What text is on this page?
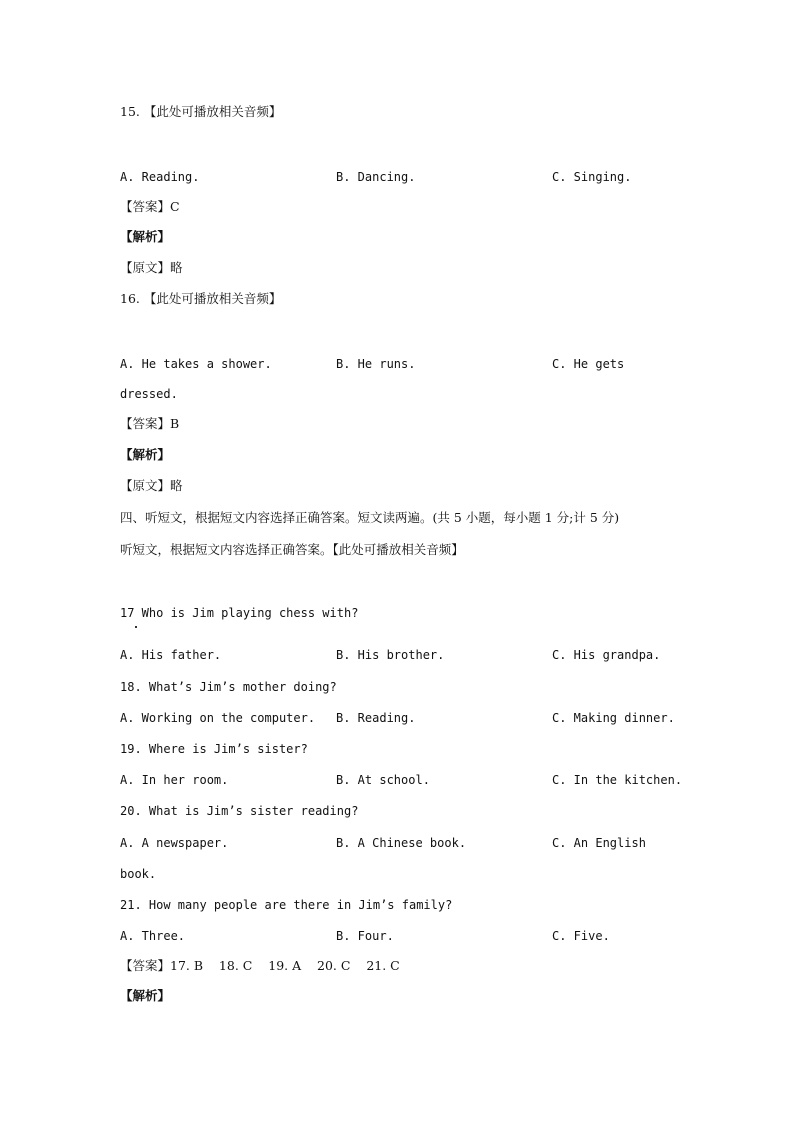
15. 【此处可播放相关音频】
A. Reading.	B. Dancing.	C. Singing.
【答案】C
【解析】
【原文】略
16. 【此处可播放相关音频】
A. He takes a shower.	B. He runs.	C. He gets
dressed.
【答案】B
【解析】
【原文】略
四、听短文，根据短文内容选择正确答案。短文读两遍。(共 5 小题，每小题 1 分;计 5 分)
听短文，根据短文内容选择正确答案。【此处可播放相关音频】
17 Who is Jim playing chess with?
A. His father.	B. His brother.	C. His grandpa.
18. What’s Jim’s mother doing?
A. Working on the computer. B. Reading.	C. Making dinner.
19. Where is Jim’s sister?
A. In her room.	B. At school.	C. In the kitchen.
20. What is Jim’s sister reading?
A. A newspaper.	B. A Chinese book.	C. An English
book.
21. How many people are there in Jim’s family?
A. Three.	B. Four.	C. Five.
【答案】17. B    18. C    19. A    20. C    21. C
【解析】
